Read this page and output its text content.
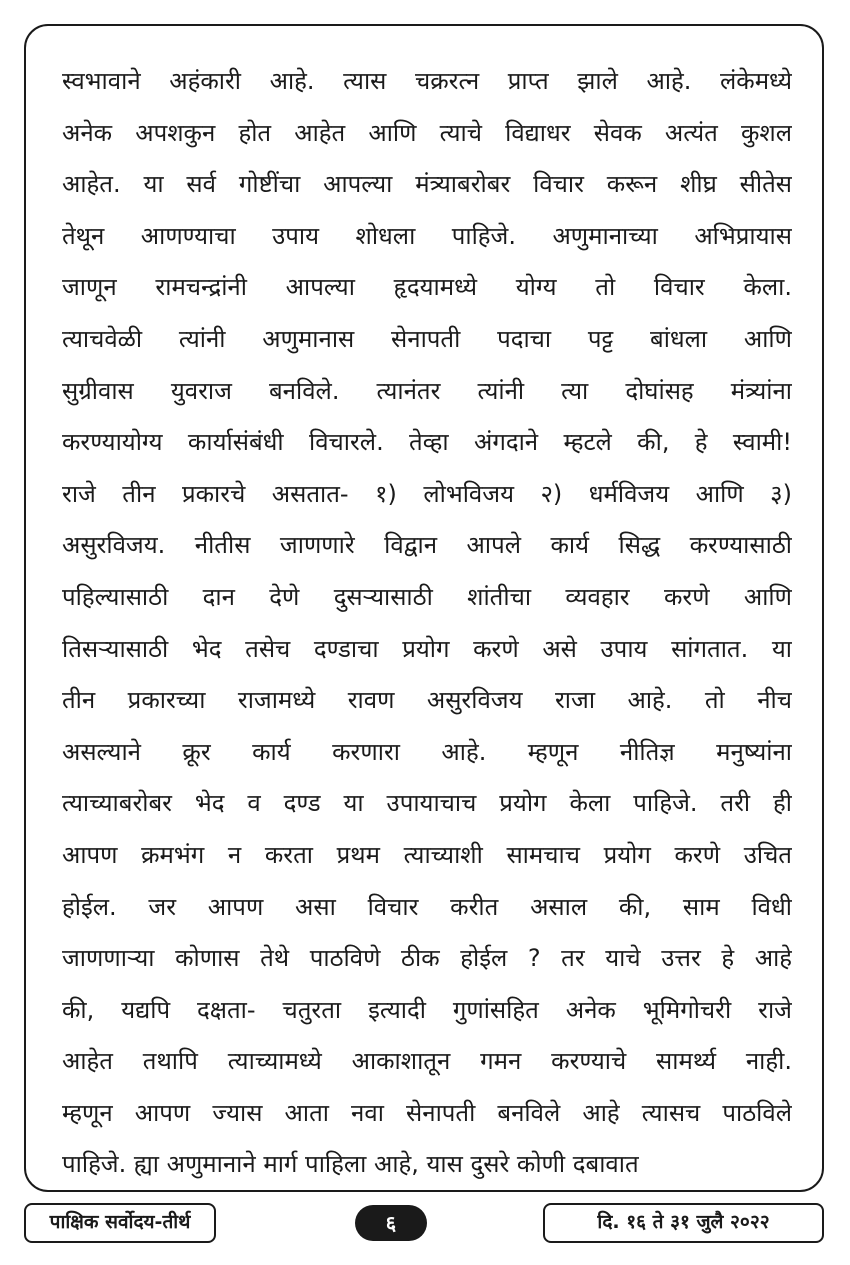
स्वभावाने अहंकारी आहे. त्यास चक्ररत्न प्राप्त झाले आहे. लंकेमध्ये
अनेक अपशकुन होत आहेत आणि त्याचे विद्याधर सेवक अत्यंत कुशल
आहेत. या सर्व गोष्टींचा आपल्या मंत्र्याबरोबर विचार करून शीघ्र सीतेस
तेथून आणण्याचा उपाय शोधला पाहिजे. अणुमानाच्या अभिप्रायास
जाणून रामचन्द्रांनी आपल्या हृदयामध्ये योग्य तो विचार केला.
त्याचवेळी त्यांनी अणुमानास सेनापती पदाचा पट्ट बांधला आणि
सुग्रीवास युवराज बनविले. त्यानंतर त्यांनी त्या दोघांसह मंत्र्यांना
करण्यायोग्य कार्यासंबंधी विचारले. तेव्हा अंगदाने म्हटले की, हे स्वामी!
राजे तीन प्रकारचे असतात- १) लोभविजय २) धर्मविजय आणि ३)
असुरविजय. नीतीस जाणणारे विद्वान आपले कार्य सिद्ध करण्यासाठी
पहिल्यासाठी दान देणे दुसऱ्यासाठी शांतीचा व्यवहार करणे आणि
तिसऱ्यासाठी भेद तसेच दण्डाचा प्रयोग करणे असे उपाय सांगतात. या
तीन प्रकारच्या राजामध्ये रावण असुरविजय राजा आहे. तो नीच
असल्याने क्रूर कार्य करणारा आहे. म्हणून नीतिज्ञ मनुष्यांना
त्याच्याबरोबर भेद व दण्ड या उपायाचाच प्रयोग केला पाहिजे. तरी ही
आपण क्रमभंग न करता प्रथम त्याच्याशी सामचाच प्रयोग करणे उचित
होईल. जर आपण असा विचार करीत असाल की, साम विधी
जाणणाऱ्या कोणास तेथे पाठविणे ठीक होईल ? तर याचे उत्तर हे आहे
की, यद्यपि दक्षता- चतुरता इत्यादी गुणांसहित अनेक भूमिगोचरी राजे
आहेत तथापि त्याच्यामध्ये आकाशातून गमन करण्याचे सामर्थ्य नाही.
म्हणून आपण ज्यास आता नवा सेनापती बनविले आहे त्यासच पाठविले
पाहिजे. ह्या अणुमानाने मार्ग पाहिला आहे, यास दुसरे कोणी दबावात
पाक्षिक सर्वोदय-तीर्थ	६	दि. १६ ते ३१ जुलै २०२२
